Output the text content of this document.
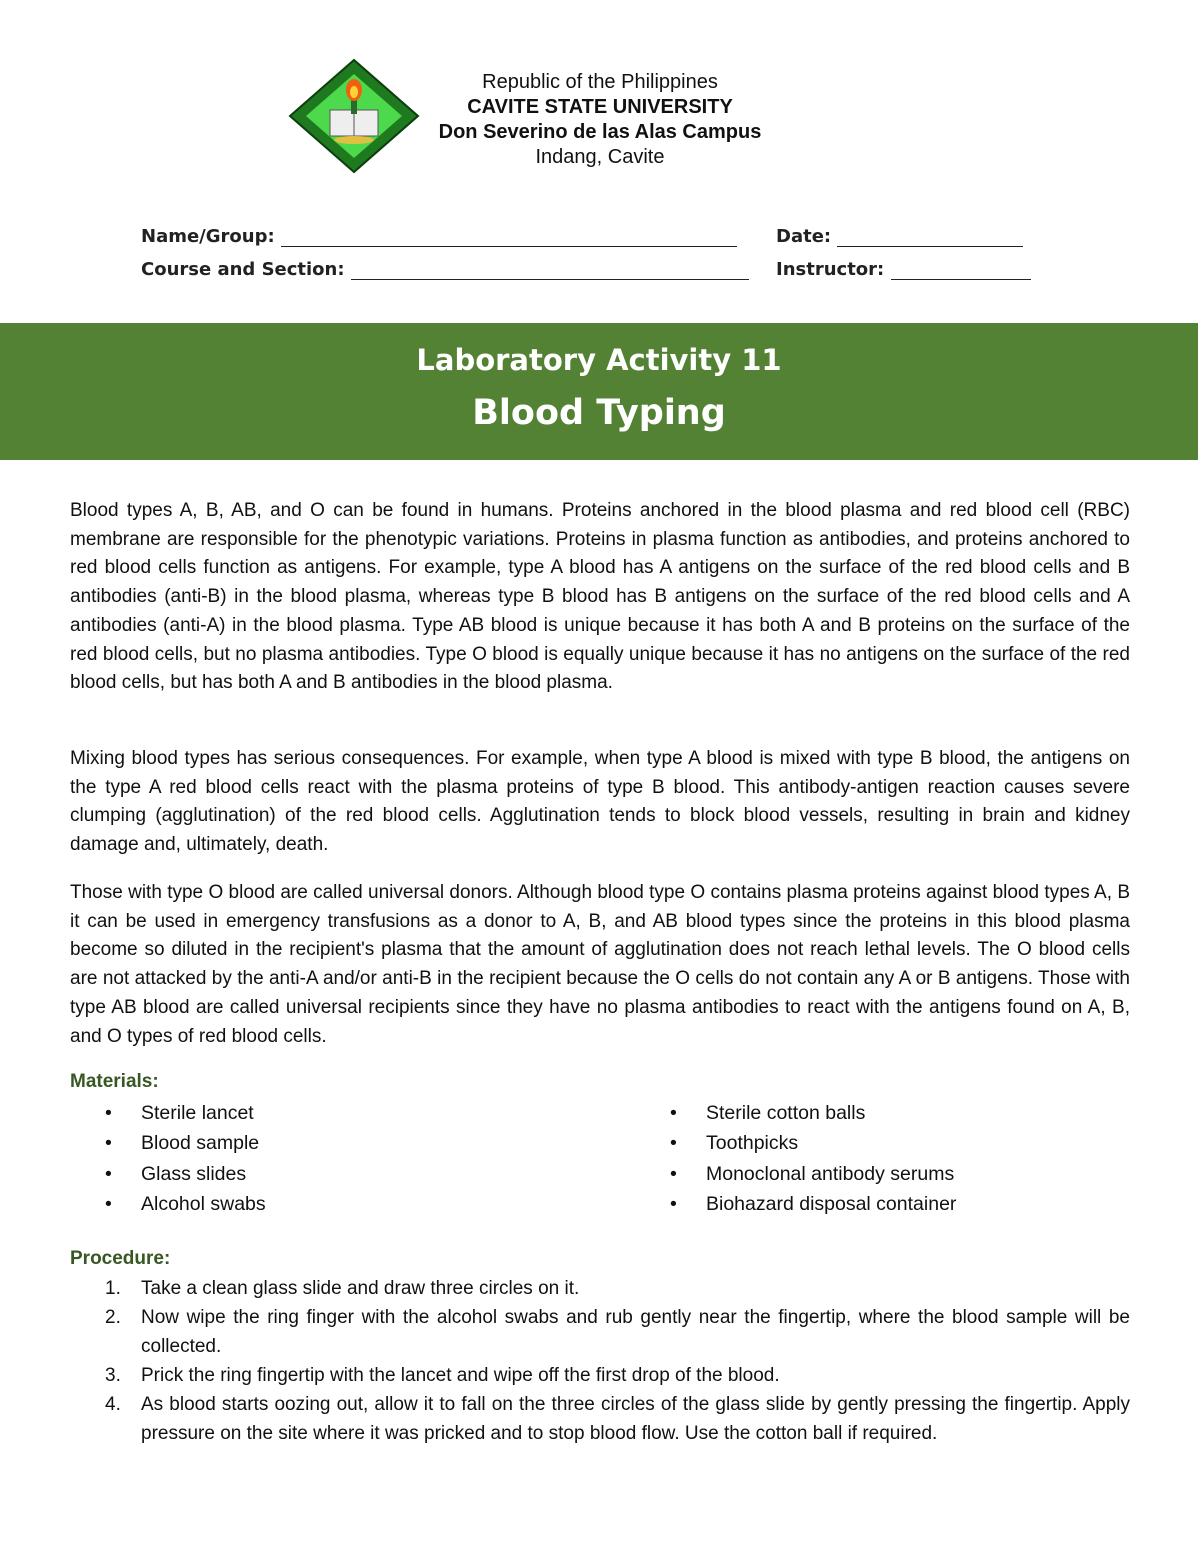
Republic of the Philippines
CAVITE STATE UNIVERSITY
Don Severino de las Alas Campus
Indang, Cavite
Name/Group:	Date:
Course and Section:	Instructor:
Laboratory Activity 11
Blood Typing
Blood types A, B, AB, and O can be found in humans. Proteins anchored in the blood plasma and red blood cell (RBC) membrane are responsible for the phenotypic variations. Proteins in plasma function as antibodies, and proteins anchored to red blood cells function as antigens. For example, type A blood has A antigens on the surface of the red blood cells and B antibodies (anti-B) in the blood plasma, whereas type B blood has B antigens on the surface of the red blood cells and A antibodies (anti-A) in the blood plasma. Type AB blood is unique because it has both A and B proteins on the surface of the red blood cells, but no plasma antibodies. Type O blood is equally unique because it has no antigens on the surface of the red blood cells, but has both A and B antibodies in the blood plasma.
Mixing blood types has serious consequences. For example, when type A blood is mixed with type B blood, the antigens on the type A red blood cells react with the plasma proteins of type B blood. This antibody-antigen reaction causes severe clumping (agglutination) of the red blood cells. Agglutination tends to block blood vessels, resulting in brain and kidney damage and, ultimately, death.
Those with type O blood are called universal donors. Although blood type O contains plasma proteins against blood types A, B it can be used in emergency transfusions as a donor to A, B, and AB blood types since the proteins in this blood plasma become so diluted in the recipient's plasma that the amount of agglutination does not reach lethal levels. The O blood cells are not attacked by the anti-A and/or anti-B in the recipient because the O cells do not contain any A or B antigens. Those with type AB blood are called universal recipients since they have no plasma antibodies to react with the antigens found on A, B, and O types of red blood cells.
Materials:
• Sterile lancet
• Blood sample
• Glass slides
• Alcohol swabs
• Sterile cotton balls
• Toothpicks
• Monoclonal antibody serums
• Biohazard disposal container
Procedure:
1. Take a clean glass slide and draw three circles on it.
2. Now wipe the ring finger with the alcohol swabs and rub gently near the fingertip, where the blood sample will be collected.
3. Prick the ring fingertip with the lancet and wipe off the first drop of the blood.
4. As blood starts oozing out, allow it to fall on the three circles of the glass slide by gently pressing the fingertip. Apply pressure on the site where it was pricked and to stop blood flow. Use the cotton ball if required.
